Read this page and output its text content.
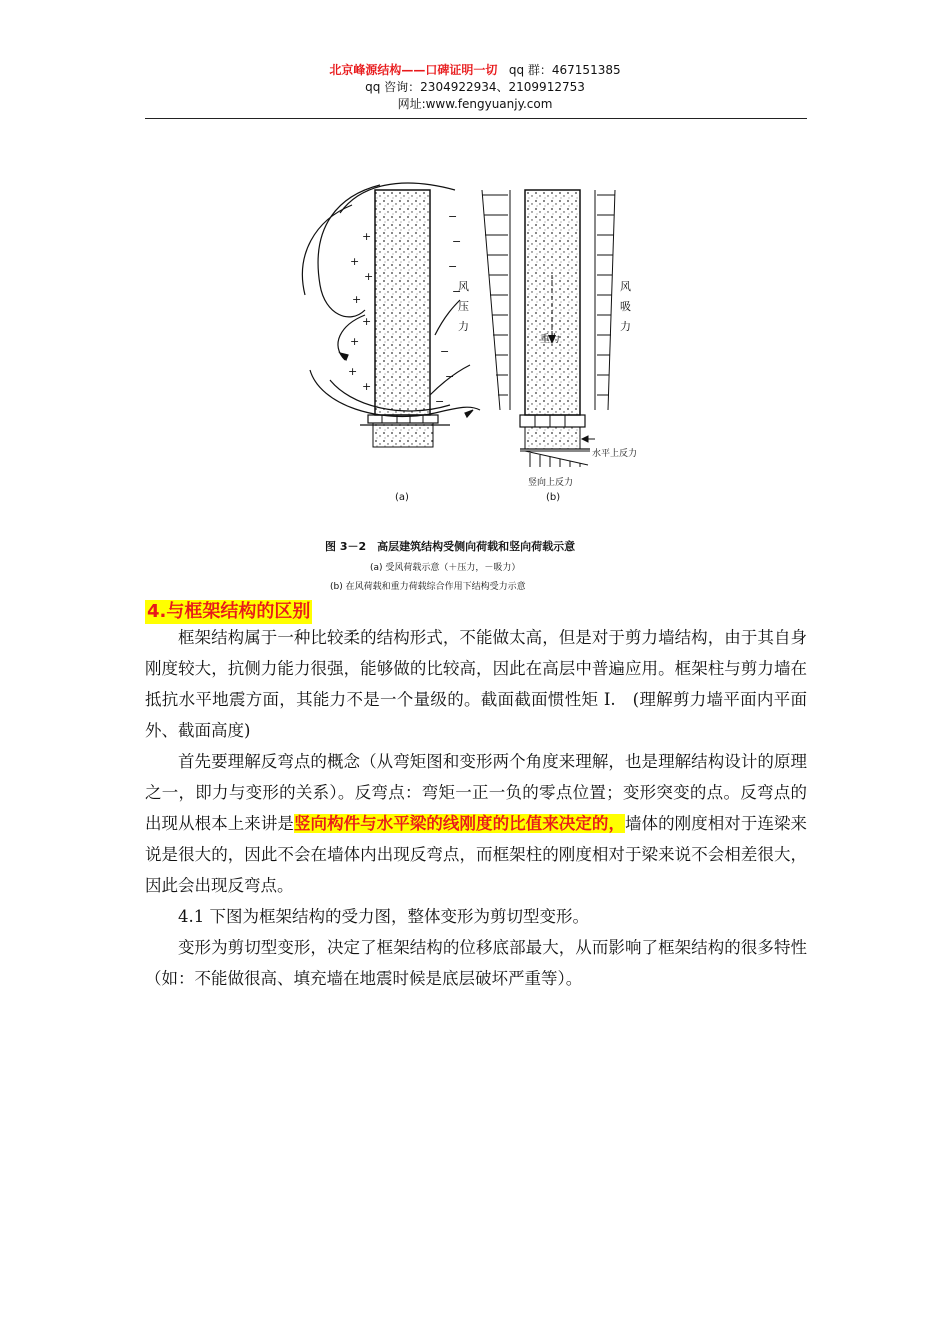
北京峰源结构——口碑证明一切 qq 群：467151385
qq 咨询：2304922934、2109912753
网址:www.fengyuanjy.com
+
+
+
+
+
+
+
+
−
−
−
−
−
−
−
风
压
力
(a)
重力
风
吸
力
水平上反力
竖向上反力
(b)
图 3－2　高层建筑结构受侧向荷载和竖向荷载示意
(a) 受风荷载示意（＋压力，－吸力）
(b) 在风荷载和重力荷载综合作用下结构受力示意
4.与框架结构的区别

框架结构属于一种比较柔的结构形式，不能做太高，但是对于剪力墙结构，由于其自身刚度较大，抗侧力能力很强，能够做的比较高，因此在高层中普遍应用。框架柱与剪力墙在抵抗水平地震方面，其能力不是一个量级的。截面截面惯性矩 I.　(理解剪力墙平面内平面外、截面高度)

首先要理解反弯点的概念（从弯矩图和变形两个角度来理解，也是理解结构设计的原理之一，即力与变形的关系）。反弯点：弯矩一正一负的零点位置；变形突变的点。反弯点的出现从根本上来讲是竖向构件与水平梁的线刚度的比值来决定的，墙体的刚度相对于连梁来说是很大的，因此不会在墙体内出现反弯点，而框架柱的刚度相对于梁来说不会相差很大，因此会出现反弯点。

4.1 下图为框架结构的受力图，整体变形为剪切型变形。

变形为剪切型变形，决定了框架结构的位移底部最大，从而影响了框架结构的很多特性（如：不能做很高、填充墙在地震时候是底层破坏严重等）。
